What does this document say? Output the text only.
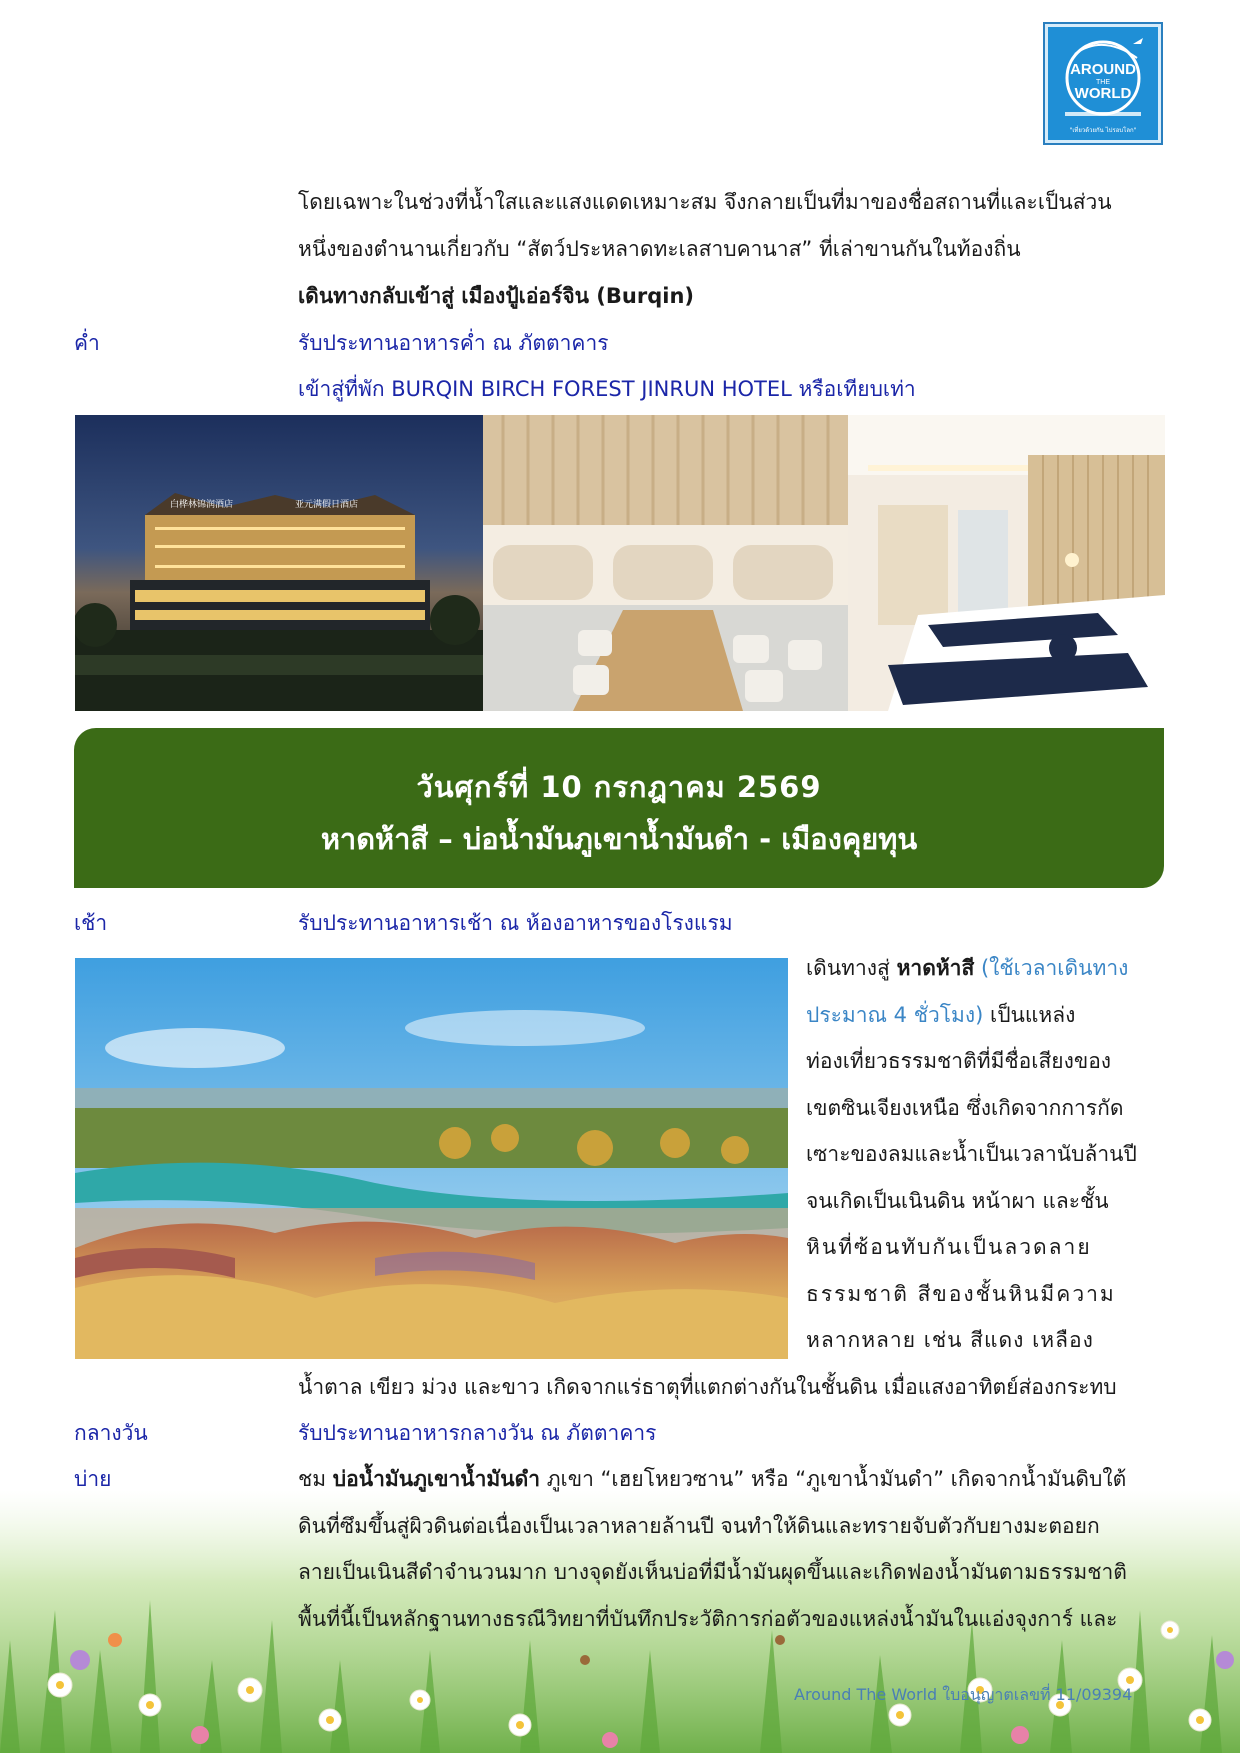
AROUND
THE
WORLD
"เที่ยวด้วยกัน ไปรอบโลก"
โดยเฉพาะในช่วงที่น้ำใสและแสงแดดเหมาะสม จึงกลายเป็นที่มาของชื่อสถานที่และเป็นส่วน
หนึ่งของตำนานเกี่ยวกับ “สัตว์ประหลาดทะเลสาบคานาส” ที่เล่าขานกันในท้องถิ่น
เดินทางกลับเข้าสู่ เมืองปู้เอ่อร์จิน (Burqin)
ค่ำ	รับประทานอาหารค่ำ ณ ภัตตาคาร
เข้าสู่ที่พัก BURQIN BIRCH FOREST JINRUN HOTEL หรือเทียบเท่า
白桦林锦润酒店	亚元满假日酒店
วันศุกร์ที่ 10 กรกฎาคม 2569
หาดห้าสี – บ่อน้ำมันภูเขาน้ำมันดำ - เมืองคุยทุน
เช้า	รับประทานอาหารเช้า ณ ห้องอาหารของโรงแรม
เดินทางสู่ หาดห้าสี (ใช้เวลาเดินทาง
ประมาณ 4 ชั่วโมง) เป็นแหล่ง
ท่องเที่ยวธรรมชาติที่มีชื่อเสียงของ
เขตซินเจียงเหนือ ซึ่งเกิดจากการกัด
เซาะของลมและน้ำเป็นเวลานับล้านปี
จนเกิดเป็นเนินดิน หน้าผา และชั้น
หินที่ซ้อนทับกันเป็นลวดลาย
ธรรมชาติ สีของชั้นหินมีความ
หลากหลาย เช่น สีแดง เหลือง
น้ำตาล เขียว ม่วง และขาว เกิดจากแร่ธาตุที่แตกต่างกันในชั้นดิน เมื่อแสงอาทิตย์ส่องกระทบ
กลางวัน	รับประทานอาหารกลางวัน ณ ภัตตาคาร
บ่าย	ชม บ่อน้ำมันภูเขาน้ำมันดำ ภูเขา “เฮยโหยวซาน” หรือ “ภูเขาน้ำมันดำ” เกิดจากน้ำมันดิบใต้
ดินที่ซึมขึ้นสู่ผิวดินต่อเนื่องเป็นเวลาหลายล้านปี จนทำให้ดินและทรายจับตัวกับยางมะตอยก
ลายเป็นเนินสีดำจำนวนมาก บางจุดยังเห็นบ่อที่มีน้ำมันผุดขึ้นและเกิดฟองน้ำมันตามธรรมชาติ
พื้นที่นี้เป็นหลักฐานทางธรณีวิทยาที่บันทึกประวัติการก่อตัวของแหล่งน้ำมันในแอ่งจุงการ์ และ
Around The World ใบอนุญาตเลขที่ 11/09394
